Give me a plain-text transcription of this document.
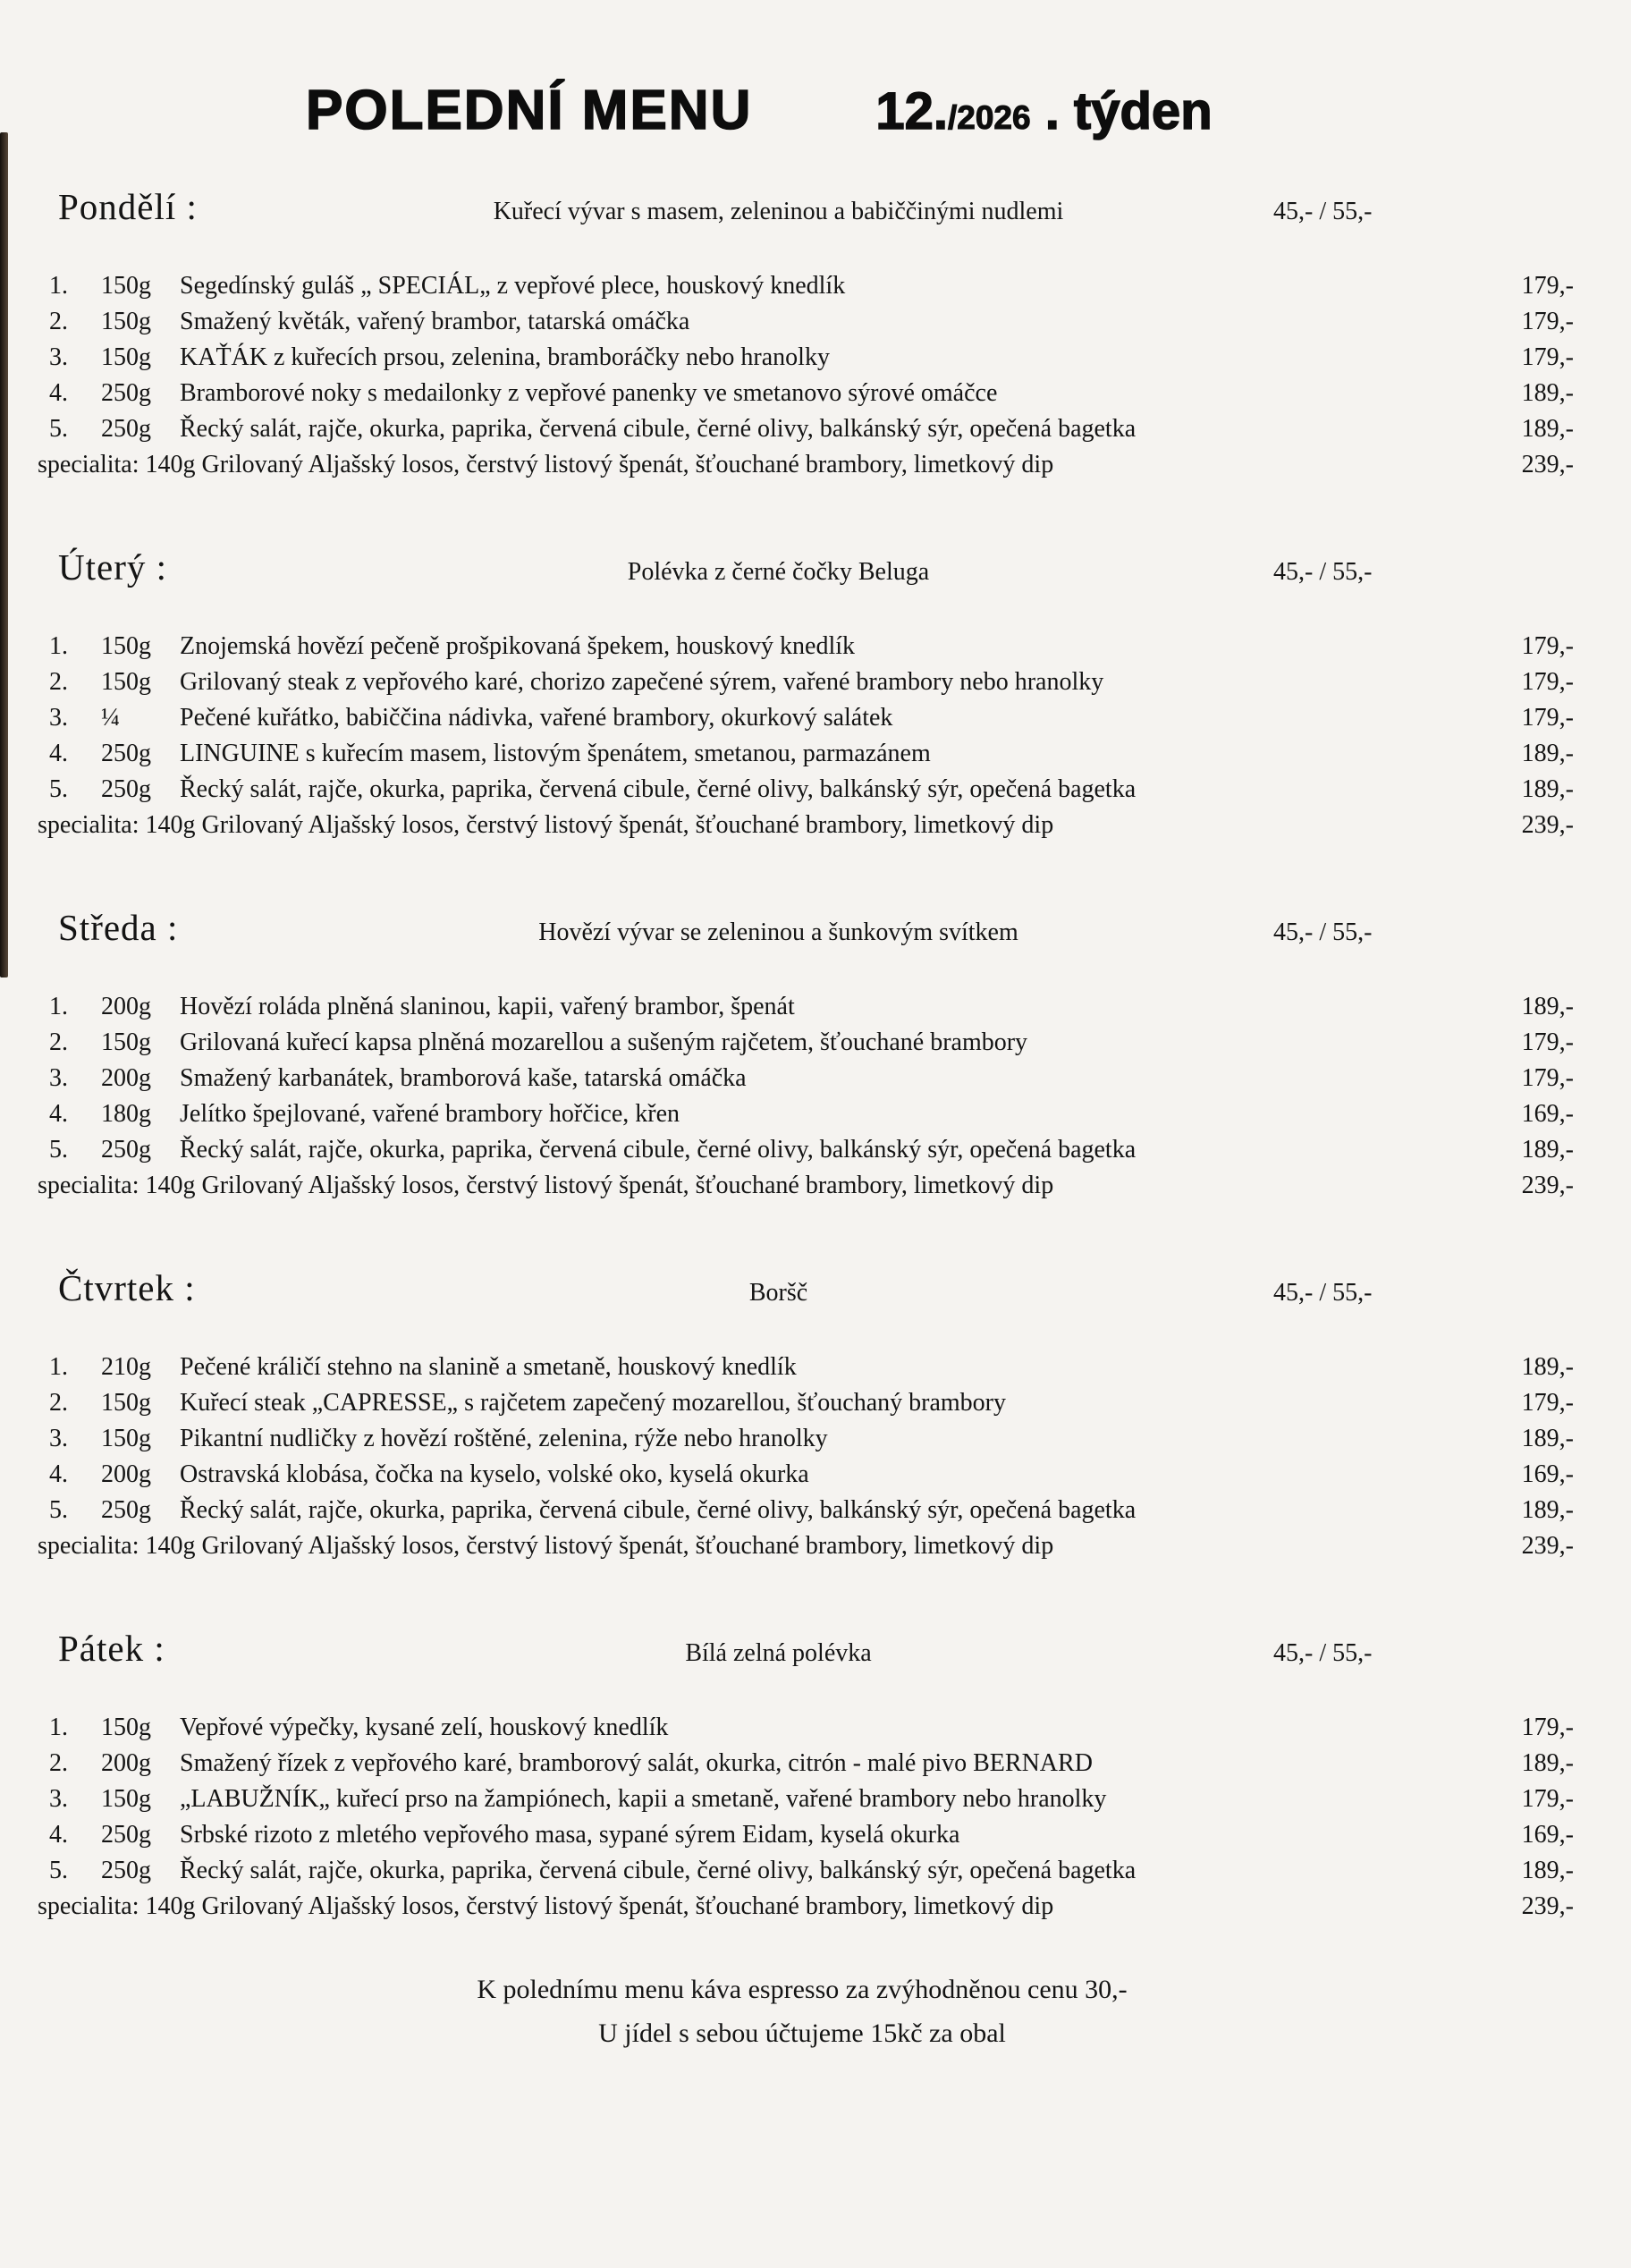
POLEDNÍ MENU 12./2026 . týden
Pondělí :	Kuřecí vývar s masem, zeleninou a babiččinými nudlemi	45,- / 55,-
1.	150g	Segedínský guláš „ SPECIÁL„ z vepřové plece, houskový knedlík	179,-
2.	150g	Smažený květák, vařený brambor, tatarská omáčka	179,-
3.	150g	KAŤÁK z kuřecích prsou, zelenina, bramboráčky nebo hranolky	179,-
4.	250g	Bramborové noky s medailonky z vepřové panenky ve smetanovo sýrové omáčce	189,-
5.	250g	Řecký salát, rajče, okurka, paprika, červená cibule, černé olivy, balkánský sýr, opečená bagetka	189,-
specialita: 140g Grilovaný Aljašský losos, čerstvý listový špenát, šťouchané brambory, limetkový dip	239,-
Úterý :	Polévka z černé čočky Beluga	45,- / 55,-
1.	150g	Znojemská hovězí pečeně prošpikovaná špekem, houskový knedlík	179,-
2.	150g	Grilovaný steak z vepřového karé, chorizo zapečené sýrem, vařené brambory nebo hranolky	179,-
3.	¼	Pečené kuřátko, babiččina nádivka, vařené brambory, okurkový salátek	179,-
4.	250g	LINGUINE s kuřecím masem, listovým špenátem, smetanou, parmazánem	189,-
5.	250g	Řecký salát, rajče, okurka, paprika, červená cibule, černé olivy, balkánský sýr, opečená bagetka	189,-
specialita: 140g Grilovaný Aljašský losos, čerstvý listový špenát, šťouchané brambory, limetkový dip	239,-
Středa :	Hovězí vývar se zeleninou a šunkovým svítkem	45,- / 55,-
1.	200g	Hovězí roláda plněná slaninou, kapii, vařený brambor, špenát	189,-
2.	150g	Grilovaná kuřecí kapsa plněná mozarellou a sušeným rajčetem, šťouchané brambory	179,-
3.	200g	Smažený karbanátek, bramborová kaše, tatarská omáčka	179,-
4.	180g	Jelítko špejlované, vařené brambory hořčice, křen	169,-
5.	250g	Řecký salát, rajče, okurka, paprika, červená cibule, černé olivy, balkánský sýr, opečená bagetka	189,-
specialita: 140g Grilovaný Aljašský losos, čerstvý listový špenát, šťouchané brambory, limetkový dip	239,-
Čtvrtek :	Boršč	45,- / 55,-
1.	210g	Pečené králičí stehno na slanině a smetaně, houskový knedlík	189,-
2.	150g	Kuřecí steak „CAPRESSE„ s rajčetem zapečený mozarellou, šťouchaný brambory	179,-
3.	150g	Pikantní nudličky z hovězí roštěné, zelenina, rýže nebo hranolky	189,-
4.	200g	Ostravská klobása, čočka na kyselo, volské oko, kyselá okurka	169,-
5.	250g	Řecký salát, rajče, okurka, paprika, červená cibule, černé olivy, balkánský sýr, opečená bagetka	189,-
specialita: 140g Grilovaný Aljašský losos, čerstvý listový špenát, šťouchané brambory, limetkový dip	239,-
Pátek :	Bílá zelná polévka	45,- / 55,-
1.	150g	Vepřové výpečky, kysané zelí, houskový knedlík	179,-
2.	200g	Smažený řízek z vepřového karé, bramborový salát, okurka, citrón - malé pivo BERNARD	189,-
3.	150g	„LABUŽNÍK„ kuřecí prso na žampiónech, kapii a smetaně, vařené brambory nebo hranolky	179,-
4.	250g	Srbské rizoto z mletého vepřového masa, sypané sýrem Eidam, kyselá okurka	169,-
5.	250g	Řecký salát, rajče, okurka, paprika, červená cibule, černé olivy, balkánský sýr, opečená bagetka	189,-
specialita: 140g Grilovaný Aljašský losos, čerstvý listový špenát, šťouchané brambory, limetkový dip	239,-
K polednímu menu káva espresso za zvýhodněnou cenu 30,-
U jídel s sebou účtujeme 15kč za obal
